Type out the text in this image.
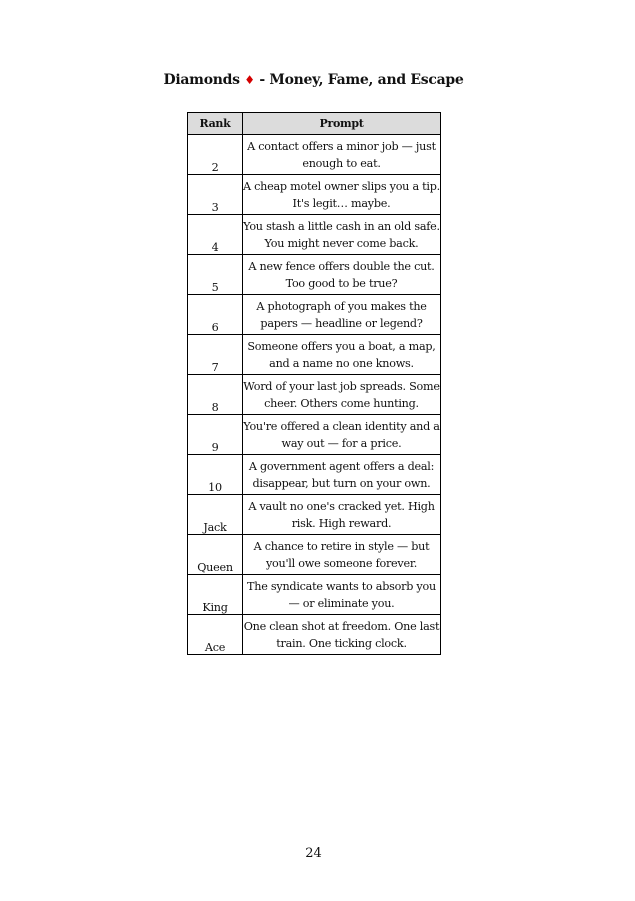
Diamonds ♦ - Money, Fame, and Escape
Rank	Prompt
2	A contact offers a minor job — just enough to eat.
3	A cheap motel owner slips you a tip. It's legit… maybe.
4	You stash a little cash in an old safe. You might never come back.
5	A new fence offers double the cut. Too good to be true?
6	A photograph of you makes the papers — headline or legend?
7	Someone offers you a boat, a map, and a name no one knows.
8	Word of your last job spreads. Some cheer. Others come hunting.
9	You're offered a clean identity and a way out — for a price.
10	A government agent offers a deal: disappear, but turn on your own.
Jack	A vault no one's cracked yet. High risk. High reward.
Queen	A chance to retire in style — but you'll owe someone forever.
King	The syndicate wants to absorb you — or eliminate you.
Ace	One clean shot at freedom. One last train. One ticking clock.
24
